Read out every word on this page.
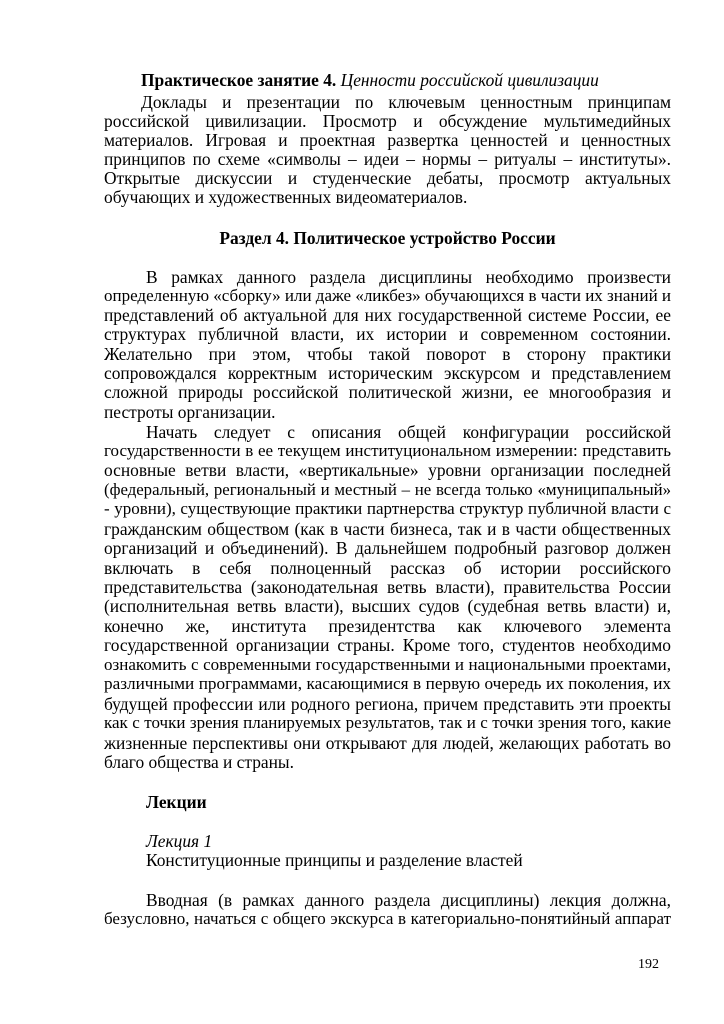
Практическое занятие 4. Ценности российской цивилизации
Доклады и презентации по ключевым ценностным принципам
российской цивилизации. Просмотр и обсуждение мультимедийных
материалов. Игровая и проектная развертка ценностей и ценностных
принципов по схеме «символы – идеи – нормы – ритуалы – институты».
Открытые дискуссии и студенческие дебаты, просмотр актуальных
обучающих и художественных видеоматериалов.
Раздел 4. Политическое устройство России
В рамках данного раздела дисциплины необходимо произвести
определенную «сборку» или даже «ликбез» обучающихся в части их знаний и
представлений об актуальной для них государственной системе России, ее
структурах публичной власти, их истории и современном состоянии.
Желательно при этом, чтобы такой поворот в сторону практики
сопровождался корректным историческим экскурсом и представлением
сложной природы российской политической жизни, ее многообразия и
пестроты организации.
Начать следует с описания общей конфигурации российской
государственности в ее текущем институциональном измерении: представить
основные ветви власти, «вертикальные» уровни организации последней
(федеральный, региональный и местный – не всегда только «муниципальный»
- уровни), существующие практики партнерства структур публичной власти с
гражданским обществом (как в части бизнеса, так и в части общественных
организаций и объединений). В дальнейшем подробный разговор должен
включать в себя полноценный рассказ об истории российского
представительства (законодательная ветвь власти), правительства России
(исполнительная ветвь власти), высших судов (судебная ветвь власти) и,
конечно же, института президентства как ключевого элемента
государственной организации страны. Кроме того, студентов необходимо
ознакомить с современными государственными и национальными проектами,
различными программами, касающимися в первую очередь их поколения, их
будущей профессии или родного региона, причем представить эти проекты
как с точки зрения планируемых результатов, так и с точки зрения того, какие
жизненные перспективы они открывают для людей, желающих работать во
благо общества и страны.
Лекции
Лекция 1
Конституционные принципы и разделение властей
Вводная (в рамках данного раздела дисциплины) лекция должна,
безусловно, начаться с общего экскурса в категориально-понятийный аппарат
192
